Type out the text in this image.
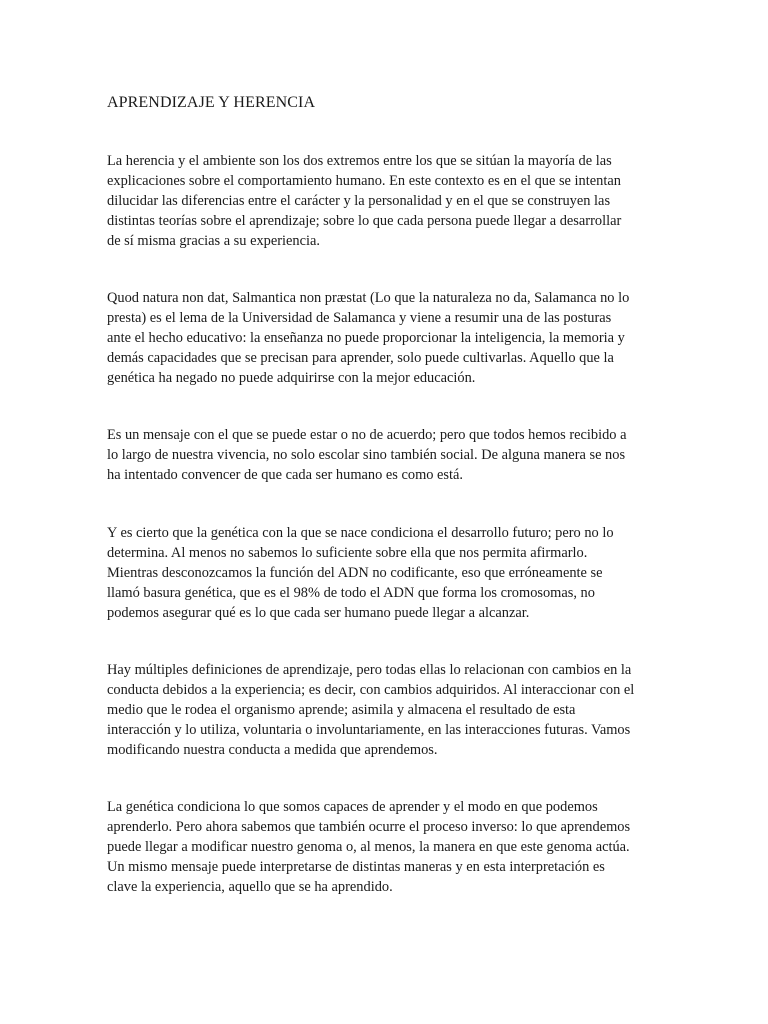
APRENDIZAJE Y HERENCIA

La herencia y el ambiente son los dos extremos entre los que se sitúan la mayoría de las
explicaciones sobre el comportamiento humano. En este contexto es en el que se intentan
dilucidar las diferencias entre el carácter y la personalidad y en el que se construyen las
distintas teorías sobre el aprendizaje; sobre lo que cada persona puede llegar a desarrollar
de sí misma gracias a su experiencia.

Quod natura non dat, Salmantica non præstat (Lo que la naturaleza no da, Salamanca no lo
presta) es el lema de la Universidad de Salamanca y viene a resumir una de las posturas
ante el hecho educativo: la enseñanza no puede proporcionar la inteligencia, la memoria y
demás capacidades que se precisan para aprender, solo puede cultivarlas. Aquello que la
genética ha negado no puede adquirirse con la mejor educación.

Es un mensaje con el que se puede estar o no de acuerdo; pero que todos hemos recibido a
lo largo de nuestra vivencia, no solo escolar sino también social. De alguna manera se nos
ha intentado convencer de que cada ser humano es como está.

Y es cierto que la genética con la que se nace condiciona el desarrollo futuro; pero no lo
determina. Al menos no sabemos lo suficiente sobre ella que nos permita afirmarlo.
Mientras desconozcamos la función del ADN no codificante, eso que erróneamente se
llamó basura genética, que es el 98% de todo el ADN que forma los cromosomas, no
podemos asegurar qué es lo que cada ser humano puede llegar a alcanzar.

Hay múltiples definiciones de aprendizaje, pero todas ellas lo relacionan con cambios en la
conducta debidos a la experiencia; es decir, con cambios adquiridos. Al interaccionar con el
medio que le rodea el organismo aprende; asimila y almacena el resultado de esta
interacción y lo utiliza, voluntaria o involuntariamente, en las interacciones futuras. Vamos
modificando nuestra conducta a medida que aprendemos.

La genética condiciona lo que somos capaces de aprender y el modo en que podemos
aprenderlo. Pero ahora sabemos que también ocurre el proceso inverso: lo que aprendemos
puede llegar a modificar nuestro genoma o, al menos, la manera en que este genoma actúa.
Un mismo mensaje puede interpretarse de distintas maneras y en esta interpretación es
clave la experiencia, aquello que se ha aprendido.
